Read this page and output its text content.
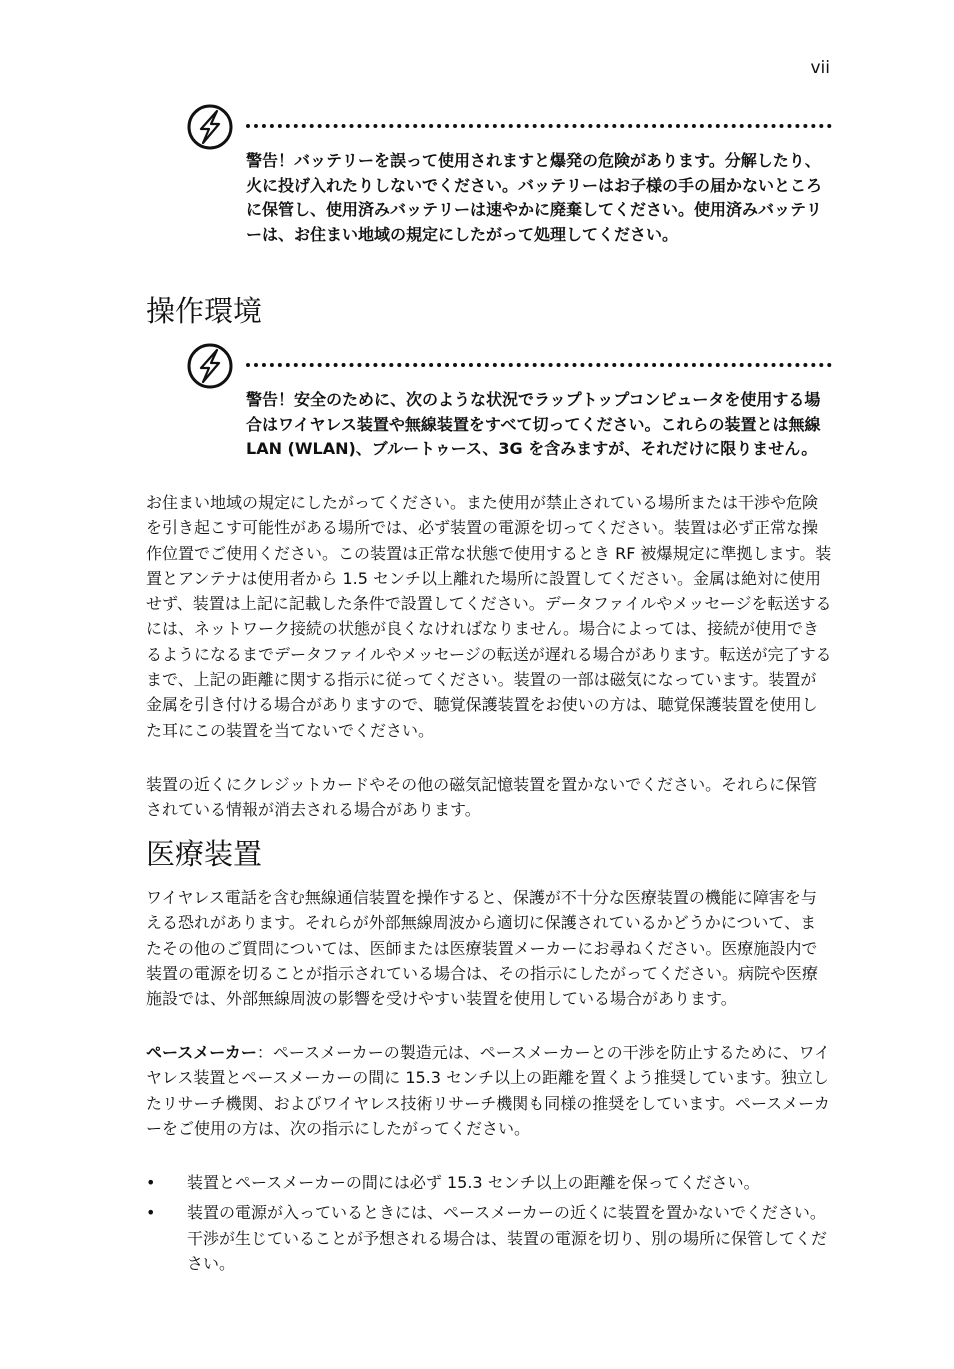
vii
警告！バッテリーを誤って使用されますと爆発の危険があります。分解したり、火に投げ入れたりしないでください。バッテリーはお子様の手の届かないところに保管し、使用済みバッテリーは速やかに廃棄してください。使用済みバッテリーは、お住まい地域の規定にしたがって処理してください。
操作環境
警告！安全のために、次のような状況でラップトップコンピュータを使用する場合はワイヤレス装置や無線装置をすべて切ってください。これらの装置とは無線 LAN (WLAN)、ブルートゥース、3G を含みますが、それだけに限りません。

お住まい地域の規定にしたがってください。また使用が禁止されている場所または干渉や危険を引き起こす可能性がある場所では、必ず装置の電源を切ってください。装置は必ず正常な操作位置でご使用ください。この装置は正常な状態で使用するとき RF 被爆規定に準拠します。装置とアンテナは使用者から 1.5 センチ以上離れた場所に設置してください。金属は絶対に使用せず、装置は上記に記載した条件で設置してください。データファイルやメッセージを転送するには、ネットワーク接続の状態が良くなければなりません。場合によっては、接続が使用できるようになるまでデータファイルやメッセージの転送が遅れる場合があります。転送が完了するまで、上記の距離に関する指示に従ってください。装置の一部は磁気になっています。装置が金属を引き付ける場合がありますので、聴覚保護装置をお使いの方は、聴覚保護装置を使用した耳にこの装置を当てないでください。

装置の近くにクレジットカードやその他の磁気記憶装置を置かないでください。それらに保管されている情報が消去される場合があります。

医療装置

ワイヤレス電話を含む無線通信装置を操作すると、保護が不十分な医療装置の機能に障害を与える恐れがあります。それらが外部無線周波から適切に保護されているかどうかについて、またその他のご質問については、医師または医療装置メーカーにお尋ねください。医療施設内で装置の電源を切ることが指示されている場合は、その指示にしたがってください。病院や医療施設では、外部無線周波の影響を受けやすい装置を使用している場合があります。

ペースメーカー：ペースメーカーの製造元は、ペースメーカーとの干渉を防止するために、ワイヤレス装置とペースメーカーの間に 15.3 センチ以上の距離を置くよう推奨しています。独立したリサーチ機関、およびワイヤレス技術リサーチ機関も同様の推奨をしています。ペースメーカーをご使用の方は、次の指示にしたがってください。

• 装置とペースメーカーの間には必ず 15.3 センチ以上の距離を保ってください。
• 装置の電源が入っているときには、ペースメーカーの近くに装置を置かないでください。干渉が生じていることが予想される場合は、装置の電源を切り、別の場所に保管してください。
